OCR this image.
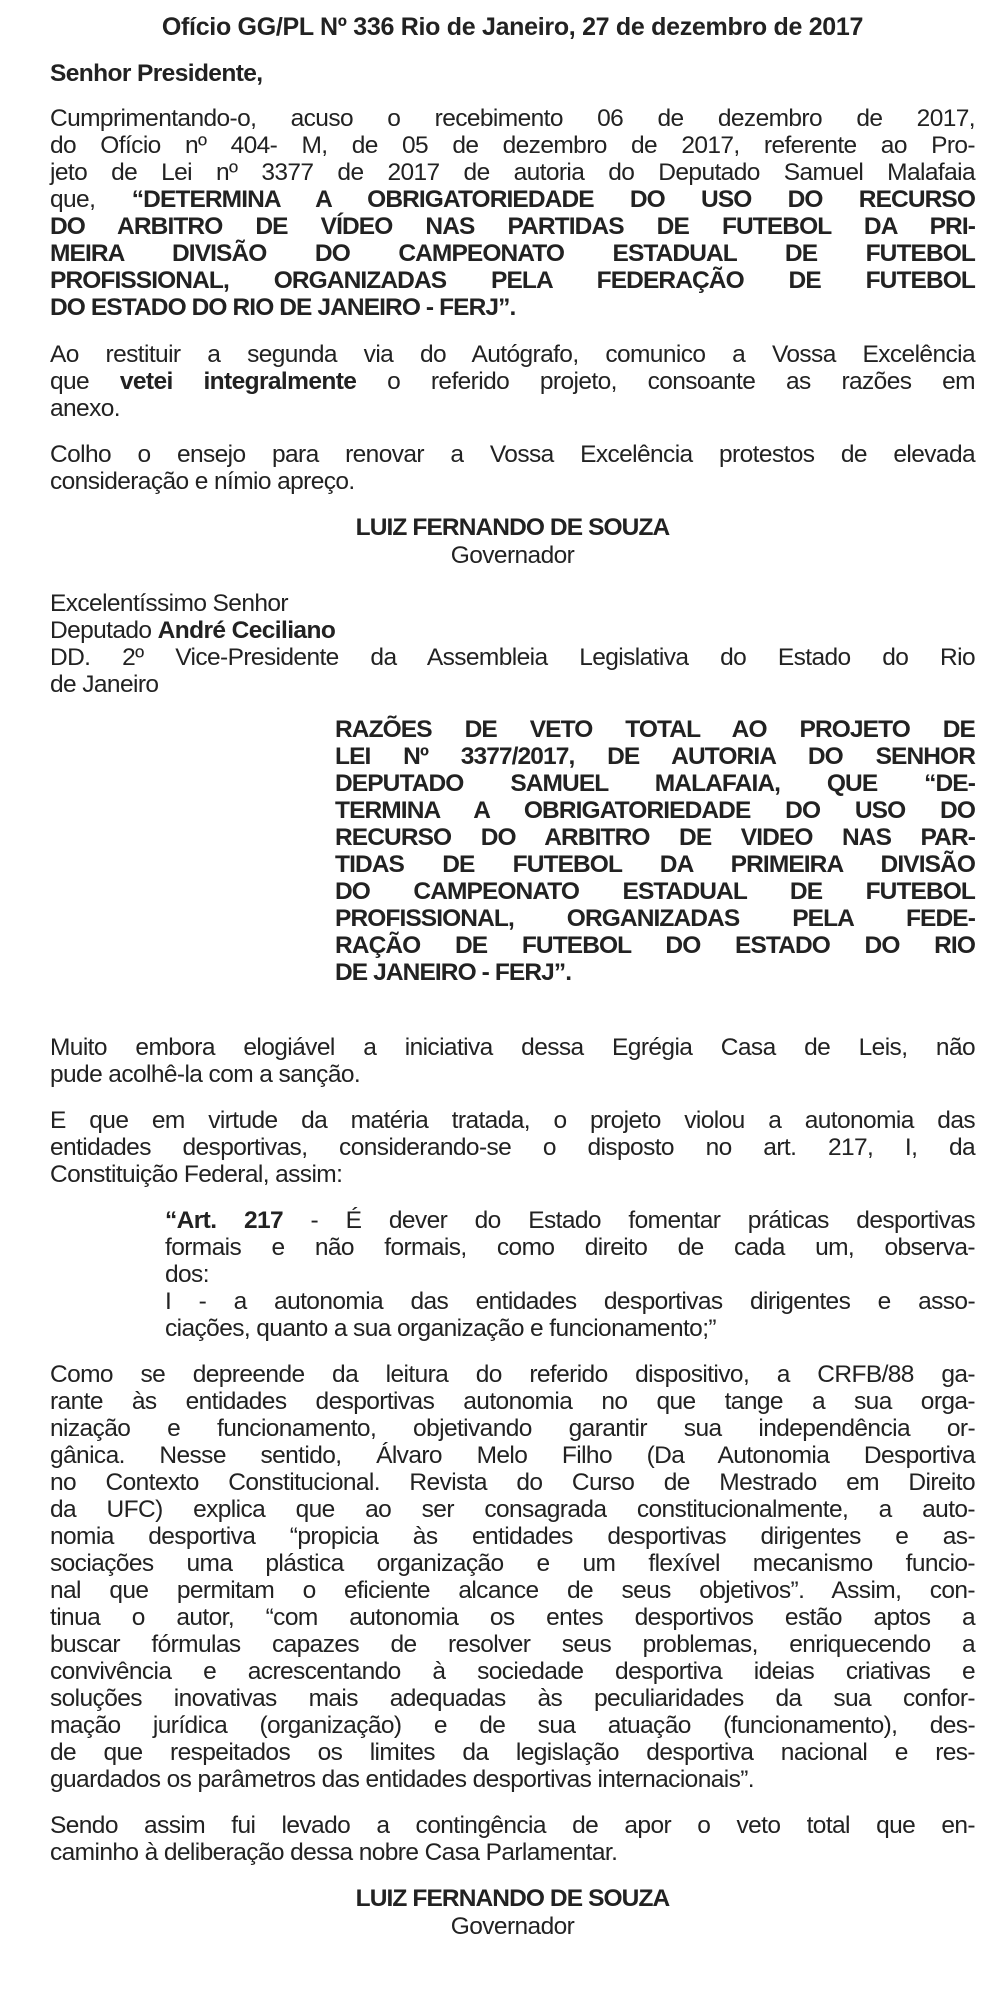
Ofício GG/PL Nº 336 Rio de Janeiro, 27 de dezembro de 2017
Senhor Presidente,
Cumprimentando-o, acuso o recebimento 06 de dezembro de 2017,
do Ofício nº 404- M, de 05 de dezembro de 2017, referente ao Pro-
jeto de Lei nº 3377 de 2017 de autoria do Deputado Samuel Malafaia
que, “DETERMINA A OBRIGATORIEDADE DO USO DO RECURSO
DO ARBITRO DE VÍDEO NAS PARTIDAS DE FUTEBOL DA PRI-
MEIRA DIVISÃO DO CAMPEONATO ESTADUAL DE FUTEBOL
PROFISSIONAL, ORGANIZADAS PELA FEDERAÇÃO DE FUTEBOL
DO ESTADO DO RIO DE JANEIRO - FERJ”.
Ao restituir a segunda via do Autógrafo, comunico a Vossa Excelência
que vetei integralmente o referido projeto, consoante as razões em
anexo.
Colho o ensejo para renovar a Vossa Excelência protestos de elevada
consideração e nímio apreço.
LUIZ FERNANDO DE SOUZA
Governador
Excelentíssimo Senhor
Deputado André Ceciliano
DD. 2º Vice-Presidente da Assembleia Legislativa do Estado do Rio
de Janeiro
RAZÕES DE VETO TOTAL AO PROJETO DE
LEI Nº 3377/2017, DE AUTORIA DO SENHOR
DEPUTADO SAMUEL MALAFAIA, QUE “DE-
TERMINA A OBRIGATORIEDADE DO USO DO
RECURSO DO ARBITRO DE VIDEO NAS PAR-
TIDAS DE FUTEBOL DA PRIMEIRA DIVISÃO
DO CAMPEONATO ESTADUAL DE FUTEBOL
PROFISSIONAL, ORGANIZADAS PELA FEDE-
RAÇÃO DE FUTEBOL DO ESTADO DO RIO
DE JANEIRO - FERJ”.
Muito embora elogiável a iniciativa dessa Egrégia Casa de Leis, não
pude acolhê-la com a sanção.
E que em virtude da matéria tratada, o projeto violou a autonomia das
entidades desportivas, considerando-se o disposto no art. 217, I, da
Constituição Federal, assim:
“Art. 217 - É dever do Estado fomentar práticas desportivas
formais e não formais, como direito de cada um, observa-
dos:
I - a autonomia das entidades desportivas dirigentes e asso-
ciações, quanto a sua organização e funcionamento;”
Como se depreende da leitura do referido dispositivo, a CRFB/88 ga-
rante às entidades desportivas autonomia no que tange a sua orga-
nização e funcionamento, objetivando garantir sua independência or-
gânica. Nesse sentido, Álvaro Melo Filho (Da Autonomia Desportiva
no Contexto Constitucional. Revista do Curso de Mestrado em Direito
da UFC) explica que ao ser consagrada constitucionalmente, a auto-
nomia desportiva “propicia às entidades desportivas dirigentes e as-
sociações uma plástica organização e um flexível mecanismo funcio-
nal que permitam o eficiente alcance de seus objetivos”. Assim, con-
tinua o autor, “com autonomia os entes desportivos estão aptos a
buscar fórmulas capazes de resolver seus problemas, enriquecendo a
convivência e acrescentando à sociedade desportiva ideias criativas e
soluções inovativas mais adequadas às peculiaridades da sua confor-
mação jurídica (organização) e de sua atuação (funcionamento), des-
de que respeitados os limites da legislação desportiva nacional e res-
guardados os parâmetros das entidades desportivas internacionais”.
Sendo assim fui levado a contingência de apor o veto total que en-
caminho à deliberação dessa nobre Casa Parlamentar.
LUIZ FERNANDO DE SOUZA
Governador
